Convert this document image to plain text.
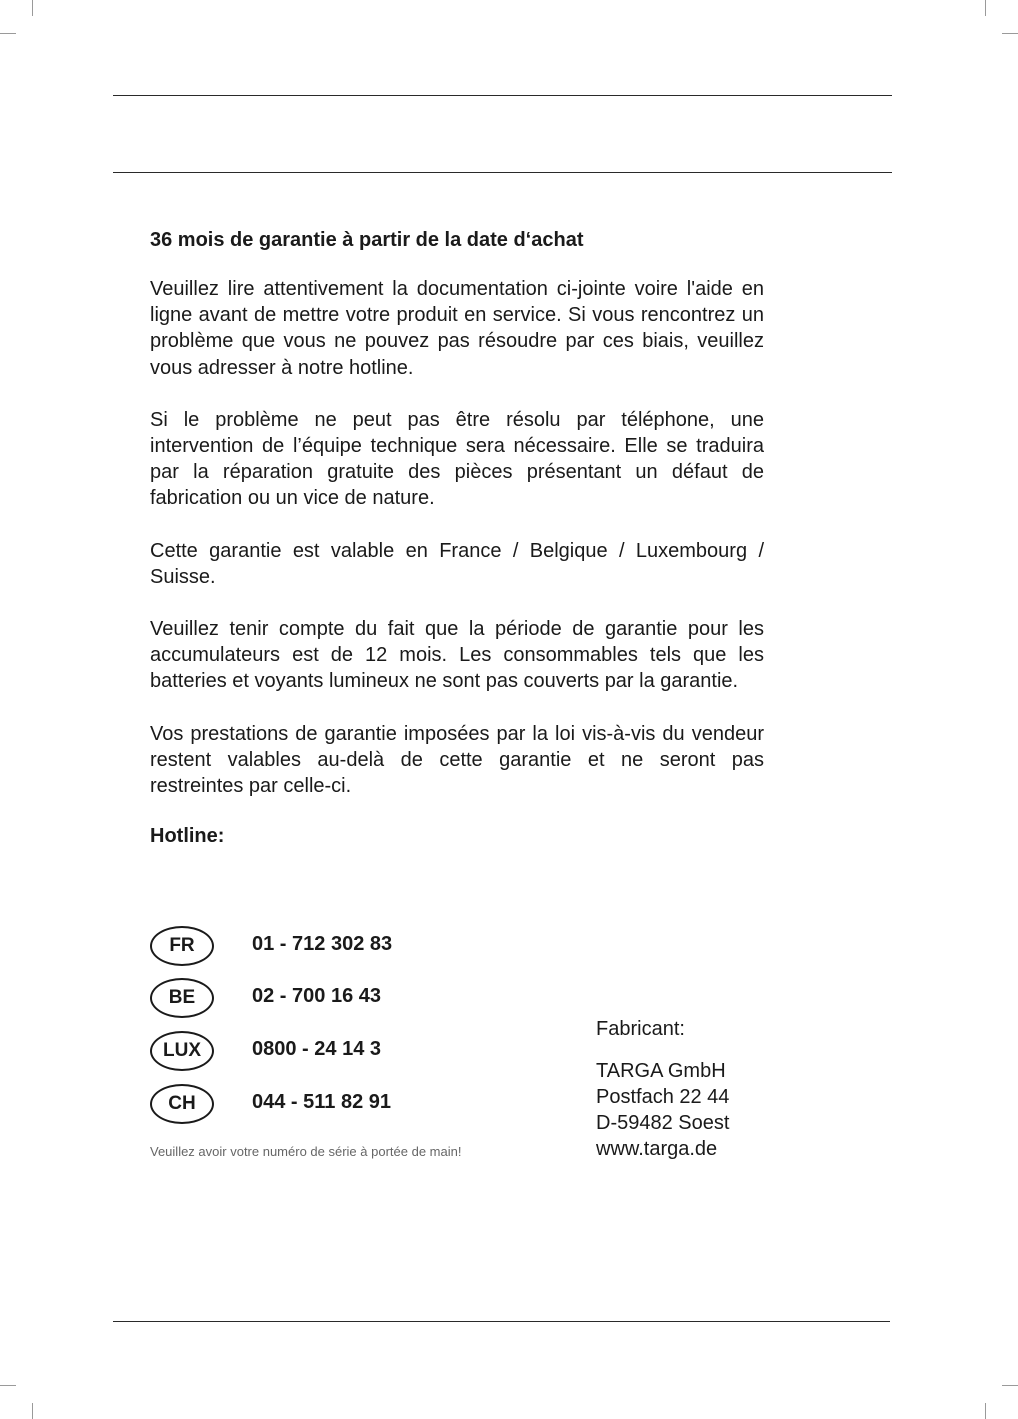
36 mois de garantie à partir de la date d‘achat

Veuillez lire attentivement la documentation ci-jointe voire l'aide en ligne avant de mettre votre produit en service. Si vous rencontrez un problème que vous ne pouvez pas résoudre par ces biais, veuillez vous adresser à notre hotline.

Si le problème ne peut pas être résolu par téléphone, une intervention de l’équipe technique sera nécessaire. Elle se traduira par la réparation gratuite des pièces présentant un défaut de fabrication ou un vice de nature.

Cette garantie est valable en France / Belgique / Luxembourg / Suisse.

Veuillez tenir compte du fait que la période de garantie pour les accumulateurs est de 12 mois. Les consommables tels que les batteries et voyants lumineux ne sont pas couverts par la garantie.

Vos prestations de garantie imposées par la loi vis-à-vis du vendeur restent valables au-delà de cette garantie et ne seront pas restreintes par celle-ci.

Hotline:

FR	01 - 712 302 83
BE	02 - 700 16 43
LUX	0800 - 24 14 3
CH	044 - 511 82 91
Veuillez avoir votre numéro de série à portée de main!
Fabricant:
TARGA GmbH
Postfach 22 44
D-59482 Soest
www.targa.de
